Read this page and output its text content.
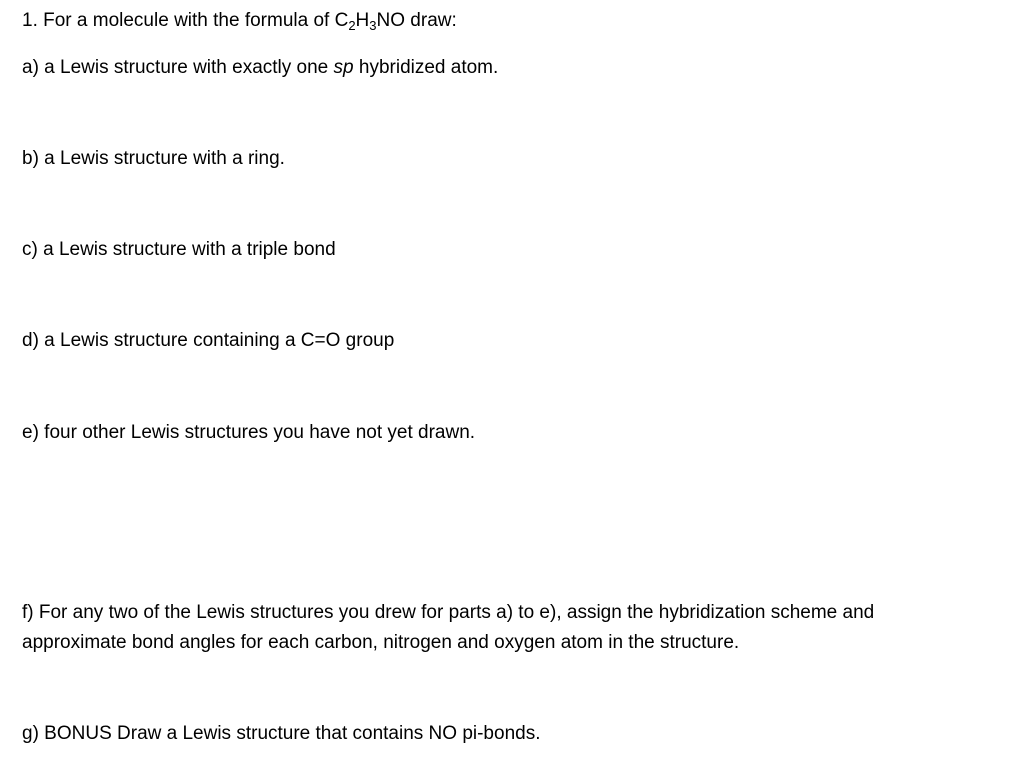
1. For a molecule with the formula of $C_2H_3NO$ draw:
a) a Lewis structure with exactly one sp hybridized atom.
b) a Lewis structure with a ring.
c) a Lewis structure with a triple bond
d) a Lewis structure containing a C=O group
e) four other Lewis structures you have not yet drawn.
f) For any two of the Lewis structures you drew for parts a) to e), assign the hybridization scheme and
approximate bond angles for each carbon, nitrogen and oxygen atom in the structure.
g) BONUS Draw a Lewis structure that contains NO pi-bonds.
